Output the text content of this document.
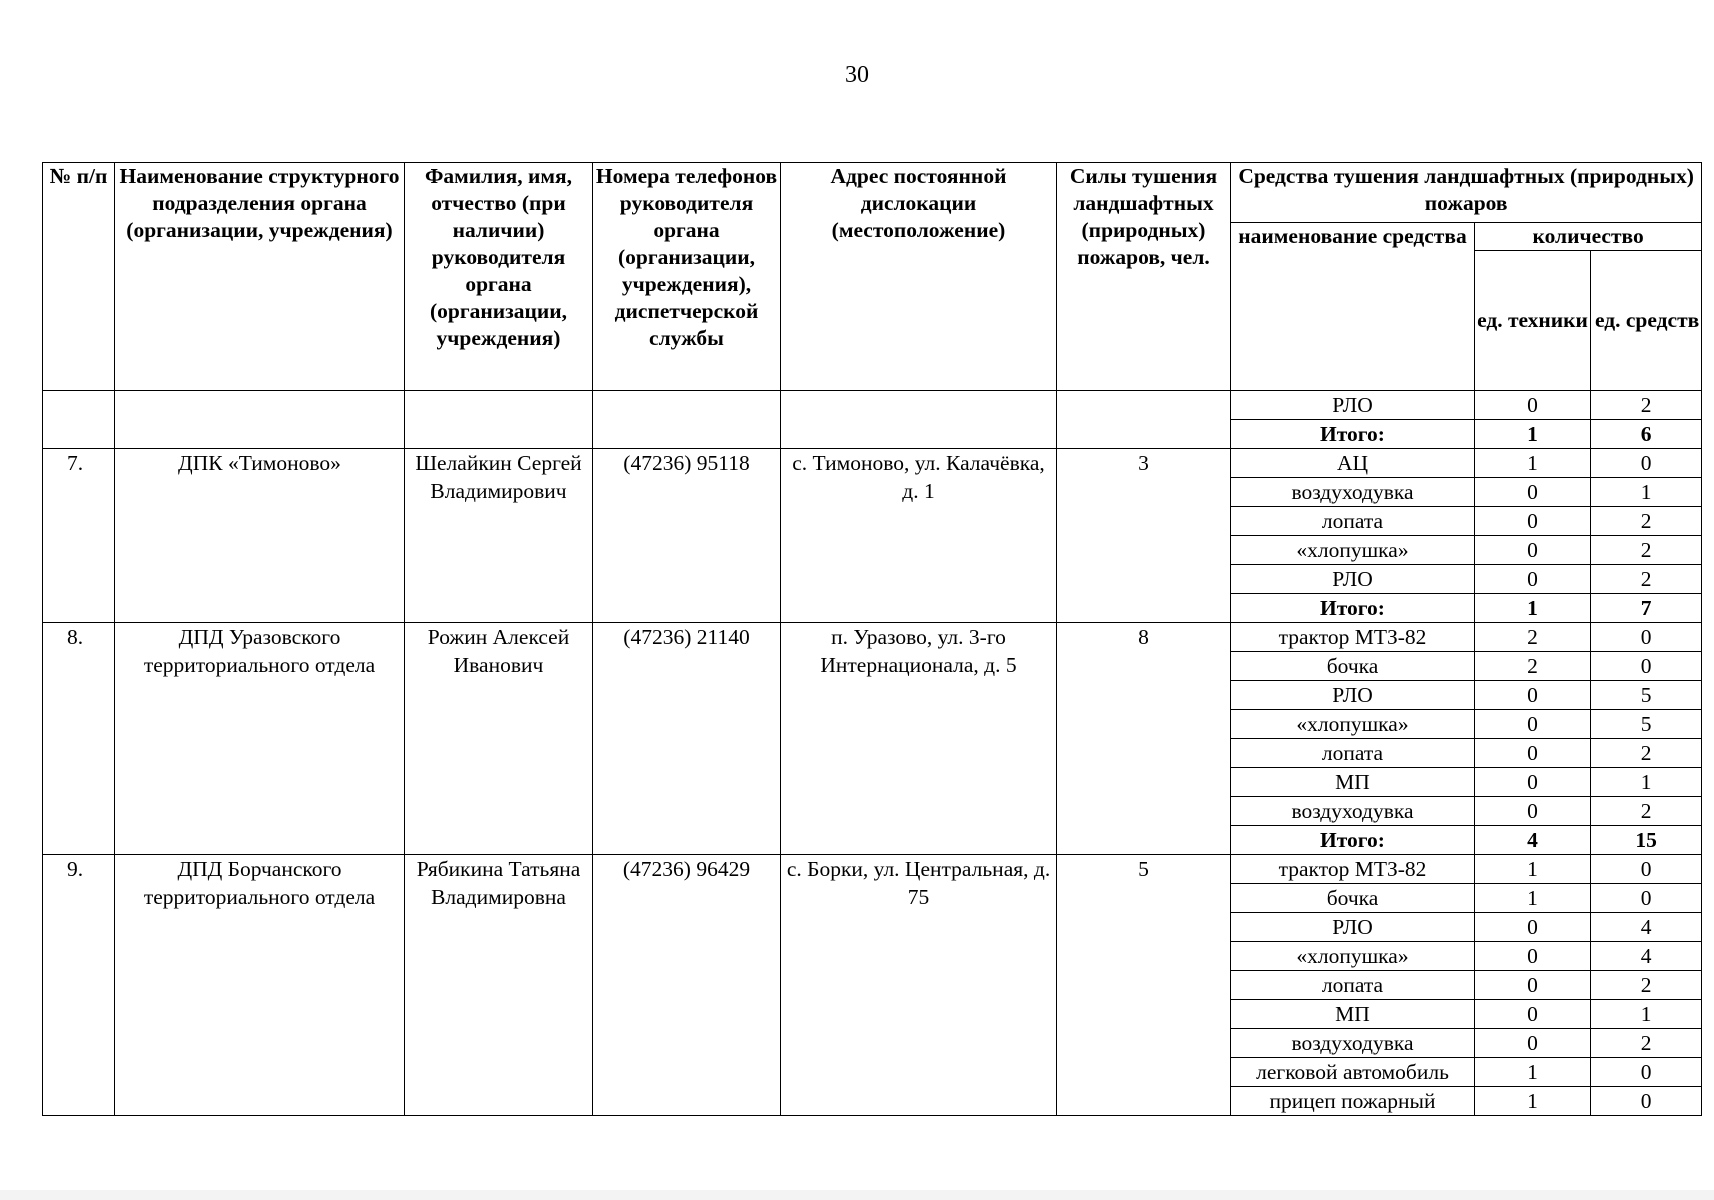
30
№ п/п	Наименование структурного подразделения органа (организации, учреждения)	Фамилия, имя, отчество (при наличии) руководителя органа (организации, учреждения)	Номера телефонов руководителя органа (организации, учреждения), диспетчерской службы	Адрес постоянной дислокации (местоположение)	Силы тушения ландшафтных (природных) пожаров, чел.	Средства тушения ландшафтных (природных) пожаров		
						наименование средства	количество	
							ед. техники	ед. средств
						РЛО	0	2
						Итого:	1	6
7.	ДПК «Тимоново»	Шелайкин Сергей Владимирович	(47236) 95118	с. Тимоново, ул. Калачёвка, д. 1	3	АЦ	1	0
						воздуходувка	0	1
						лопата	0	2
						«хлопушка»	0	2
						РЛО	0	2
						Итого:	1	7
8.	ДПД Уразовского территориального отдела	Рожин Алексей Иванович	(47236) 21140	п. Уразово, ул. 3-го Интернационала, д. 5	8	трактор МТЗ-82	2	0
						бочка	2	0
						РЛО	0	5
						«хлопушка»	0	5
						лопата	0	2
						МП	0	1
						воздуходувка	0	2
						Итого:	4	15
9.	ДПД Борчанского территориального отдела	Рябикина Татьяна Владимировна	(47236) 96429	с. Борки, ул. Центральная, д. 75	5	трактор МТЗ-82	1	0
						бочка	1	0
						РЛО	0	4
						«хлопушка»	0	4
						лопата	0	2
						МП	0	1
						воздуходувка	0	2
						легковой автомобиль	1	0
						прицеп пожарный	1	0
